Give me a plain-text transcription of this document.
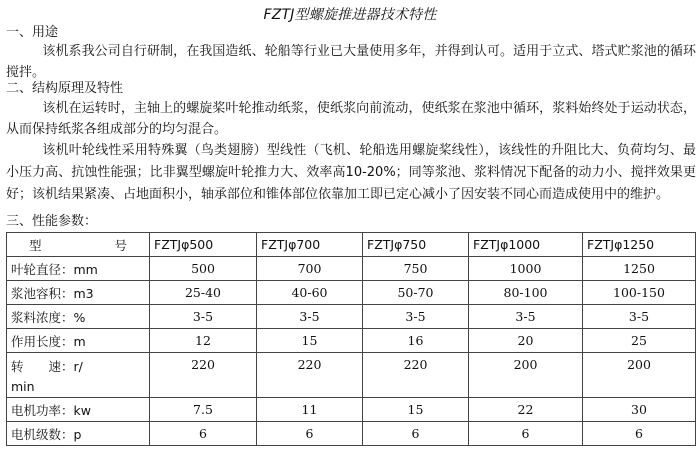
FZTJ型螺旋推进器技术特性
一、用途

该机系我公司自行研制，在我国造纸、轮船等行业已大量使用多年，并得到认可。适用于立式、塔式贮浆池的循环搅拌。

二、结构原理及特性

该机在运转时，主轴上的螺旋桨叶轮推动纸浆，使纸浆向前流动，使纸浆在浆池中循环，浆料始终处于运动状态，从而保持纸浆各组成部分的均匀混合。

该机叶轮线性采用特殊翼（鸟类翅膀）型线性（飞机、轮船选用螺旋桨线性），该线性的升阻比大、负荷均匀、最小压力高、抗蚀性能强；比非翼型螺旋叶轮推力大、效率高10-20%；同等浆池、浆料情况下配备的动力小、搅拌效果更好；该机结果紧凑、占地面积小，轴承部位和锥体部位依靠加工即已定心减小了因安装不同心而造成使用中的维护。

三、性能参数：
型 号	FZTJφ500	FZTJφ700	FZTJφ750	FZTJφ1000	FZTJφ1250
叶轮直径：mm	500	700	750	1000	1250
浆池容积：m3	25-40	40-60	50-70	80-100	100-150
浆料浓度：%	3-5	3-5	3-5	3-5	3-5
作用长度：m	12	15	16	20	25

转　　速：r/
min	220	220	220	200	200
电机功率：kw	7.5	11	15	22	30
电机级数：p	6	6	6	6	6
